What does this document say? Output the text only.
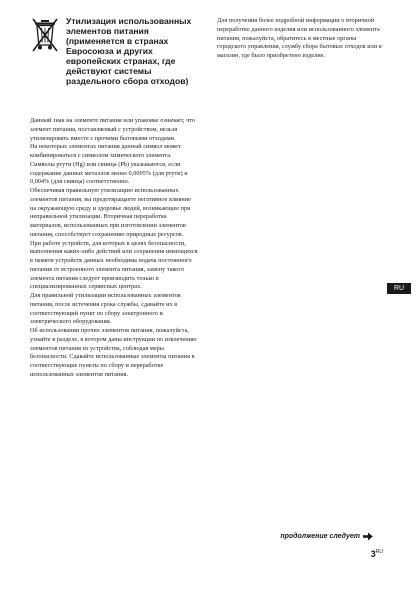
Утилизация использованных элементов питания (применяется в странах Евросоюза и других европейских странах, где действуют системы раздельного сбора отходов)

Данный знак на элементе питания или упаковке означает, что элемент питания, поставляемый с устройством, нельзя утилизировать вместе с прочими бытовыми отходами.

На некоторых элементах питания данный символ может комбинироваться с символом химического элемента. Символы ртути (Hg) или свинца (Pb) указываются, если содержание данных металлов менее 0,0005% (для ртути) и 0,004% (для свинца) соответственно.

Обеспечивая правильную утилизацию использованных элементов питания, вы предотвращаете негативное влияние на окружающую среду и здоровье людей, возникающее при неправильной утилизации. Вторичная переработка материалов, использованных при изготовлении элементов питания, способствует сохранению природных ресурсов.

При работе устройств, для которых в целях безопасности, выполнения каких-либо действий или сохранения имеющихся в памяти устройств данных необходима подача постоянного питания от встроенного элемента питания, замену такого элемента питания следует производить только в специализированных сервисных центрах.

Для правильной утилизации использованных элементов питания, после истечения срока службы, сдавайте их в соответствующий пункт по сбору электронного и электрического оборудования.

Об использовании прочих элементов питания, пожалуйста, узнайте в разделе, в котором даны инструкции по извлечению элементов питания из устройства, соблюдая меры безопасности. Сдавайте использованные элементы питания в соответствующие пункты по сбору и переработке использованных элементов питания.

Для получения более подробной информации о вторичной переработке данного изделия или использованного элемента питания, пожалуйста, обратитесь в местные органы городского управления, службу сбора бытовых отходов или в магазин, где было приобретено изделие.

RU
продолжение следует
$3^{RU}$
